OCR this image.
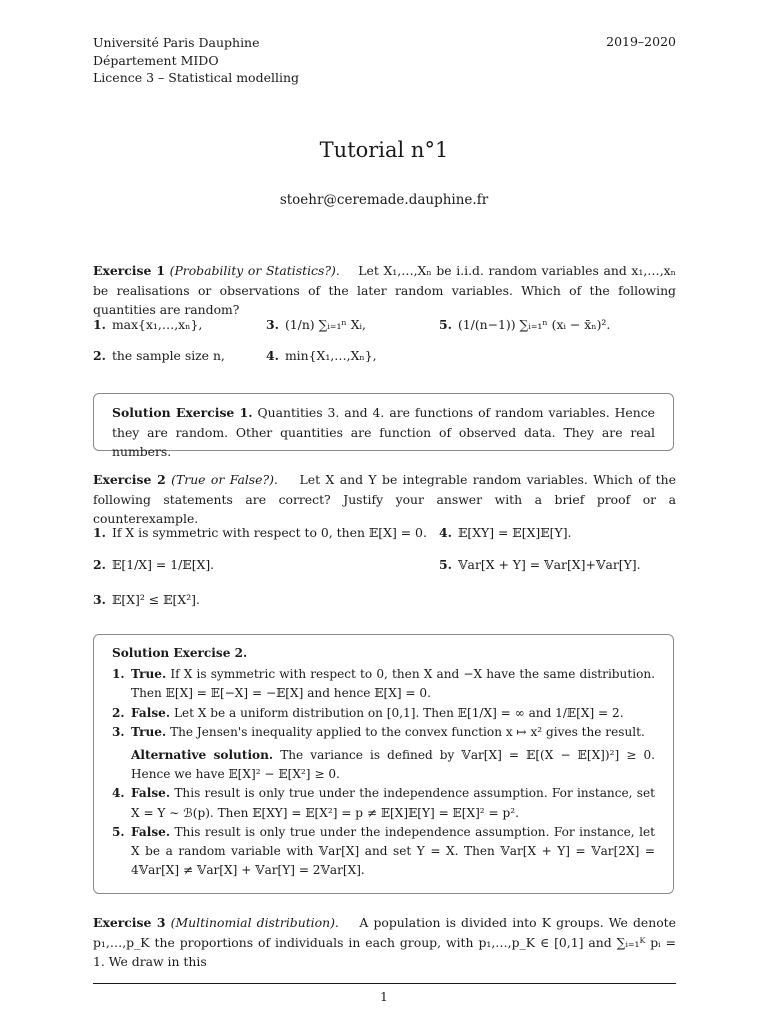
Université Paris Dauphine
Département MIDO
Licence 3 – Statistical modelling
2019–2020
Tutorial n°1
stoehr@ceremade.dauphine.fr
Exercise 1 (Probability or Statistics?). Let X₁,…,Xₙ be i.i.d. random variables and x₁,…,xₙ be realisations or observations of the later random variables. Which of the following quantities are random?
1. max{x₁,…,xₙ},
2. the sample size n,
3. (1/n) ∑ᵢ₌₁ⁿ Xᵢ,
4. min{X₁,…,Xₙ},
5. (1/(n−1)) ∑ᵢ₌₁ⁿ (xᵢ − x̄ₙ)².
Solution Exercise 1. Quantities 3. and 4. are functions of random variables. Hence they are random. Other quantities are function of observed data. They are real numbers.
Exercise 2 (True or False?). Let X and Y be integrable random variables. Which of the following statements are correct? Justify your answer with a brief proof or a counterexample.
1. If X is symmetric with respect to 0, then 𝔼[X] = 0.
2. 𝔼[1/X] = 1/𝔼[X].
3. 𝔼[X]² ≤ 𝔼[X²].
4. 𝔼[XY] = 𝔼[X]𝔼[Y].
5. 𝕍ar[X + Y] = 𝕍ar[X]+𝕍ar[Y].
Solution Exercise 2.
1. True. If X is symmetric with respect to 0, then X and −X have the same distribution. Then 𝔼[X] = 𝔼[−X] = −𝔼[X] and hence 𝔼[X] = 0.
2. False. Let X be a uniform distribution on [0,1]. Then 𝔼[1/X] = ∞ and 1/𝔼[X] = 2.
3. True. The Jensen's inequality applied to the convex function x ↦ x² gives the result.
Alternative solution. The variance is defined by 𝕍ar[X] = 𝔼[(X − 𝔼[X])²] ≥ 0. Hence we have 𝔼[X]² − 𝔼[X²] ≥ 0.
4. False. This result is only true under the independence assumption. For instance, set X = Y ∼ ℬ(p). Then 𝔼[XY] = 𝔼[X²] = p ≠ 𝔼[X]𝔼[Y] = 𝔼[X]² = p².
5. False. This result is only true under the independence assumption. For instance, let X be a random variable with 𝕍ar[X] and set Y = X. Then 𝕍ar[X + Y] = 𝕍ar[2X] = 4𝕍ar[X] ≠ 𝕍ar[X] + 𝕍ar[Y] = 2𝕍ar[X].
Exercise 3 (Multinomial distribution). A population is divided into K groups. We denote p₁,…,p_K the proportions of individuals in each group, with p₁,…,p_K ∈ [0,1] and ∑ᵢ₌₁ᴷ pᵢ = 1. We draw in this
1
